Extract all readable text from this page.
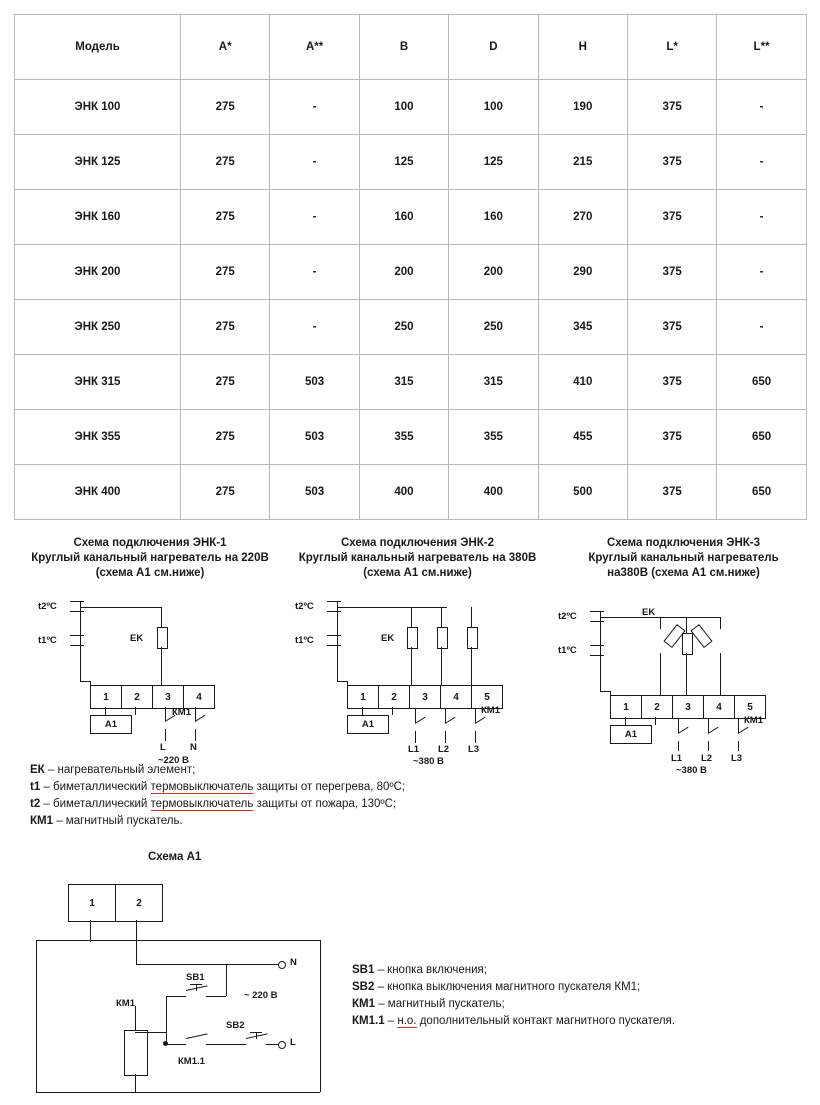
Модель	A*	A**	B	D	H	L*	L**
ЭНК 100	275	-	100	100	190	375	-
ЭНК 125	275	-	125	125	215	375	-
ЭНК 160	275	-	160	160	270	375	-
ЭНК 200	275	-	200	200	290	375	-
ЭНК 250	275	-	250	250	345	375	-
ЭНК 315	275	503	315	315	410	375	650
ЭНК 355	275	503	355	355	455	375	650
ЭНК 400	275	503	400	400	500	375	650
Схема подключения ЭНК-1
Круглый канальный нагреватель на 220В
(схема А1 см.ниже)
t2ºC
t1ºC	EK
1	2	3	4
A1
КМ1
L	N
~220 В
Схема подключения ЭНК-2
Круглый канальный нагреватель на 380В
(схема А1 см.ниже)
t2ºC
t1ºC	EK
1	2	3	4	5
A1
КМ1
L1 L2 L3
~380 В
Схема подключения ЭНК-3
Круглый канальный нагреватель
на380В (схема А1 см.ниже)
t2ºC
t1ºC
EK
1	2	3	4	5
A1
КМ1
L1 L2 L3
~380 В
ЕК – нагревательный элемент;
t1 – биметаллический термовыключатель защиты от перегрева, 80ºC;
t2 – биметаллический термовыключатель защиты от пожара, 130ºC;
КМ1 – магнитный пускатель.
Схема А1
1	2
N
КМ1
SB1
КМ1.1
SB2
L
~ 220 В
SB1 – кнопка включения;
SB2 – кнопка выключения магнитного пускателя КМ1;
КМ1 – магнитный пускатель;
КМ1.1 – н.о. дополнительный контакт магнитного пускателя.
